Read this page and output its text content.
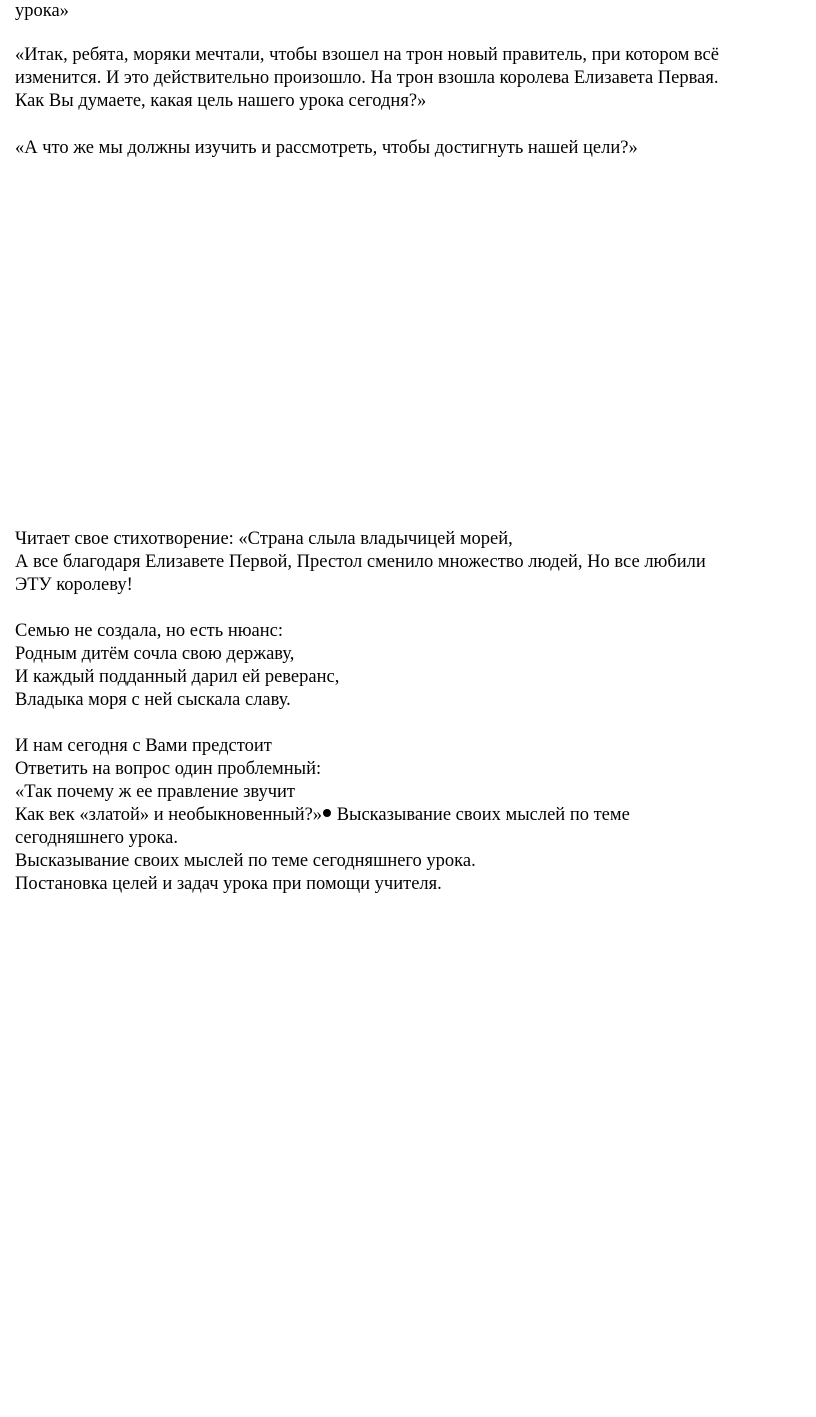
урока»

«Итак, ребята, моряки мечтали, чтобы взошел на трон новый правитель, при котором всё

изменится. И это действительно произошло. На трон взошла королева Елизавета Первая.

Как Вы думаете, какая цель нашего урока сегодня?»

«А что же мы должны изучить и рассмотреть, чтобы достигнуть нашей цели?»

Читает свое стихотворение: «Страна слыла владычицей морей,

А все благодаря Елизавете Первой, Престол сменило множество людей, Но все любили

ЭТУ королеву!

Семью не создала, но есть нюанс:

Родным дитём сочла свою державу,

И каждый подданный дарил ей реверанс,

Владыка моря с ней сыскала славу.

И нам сегодня с Вами предстоит

Ответить на вопрос один проблемный:

«Так почему ж ее правление звучит

Как век «златой» и необыкновенный?» Высказывание своих мыслей по теме

сегодняшнего урока.

Высказывание своих мыслей по теме сегодняшнего урока.

Постановка целей и задач урока при помощи учителя.
